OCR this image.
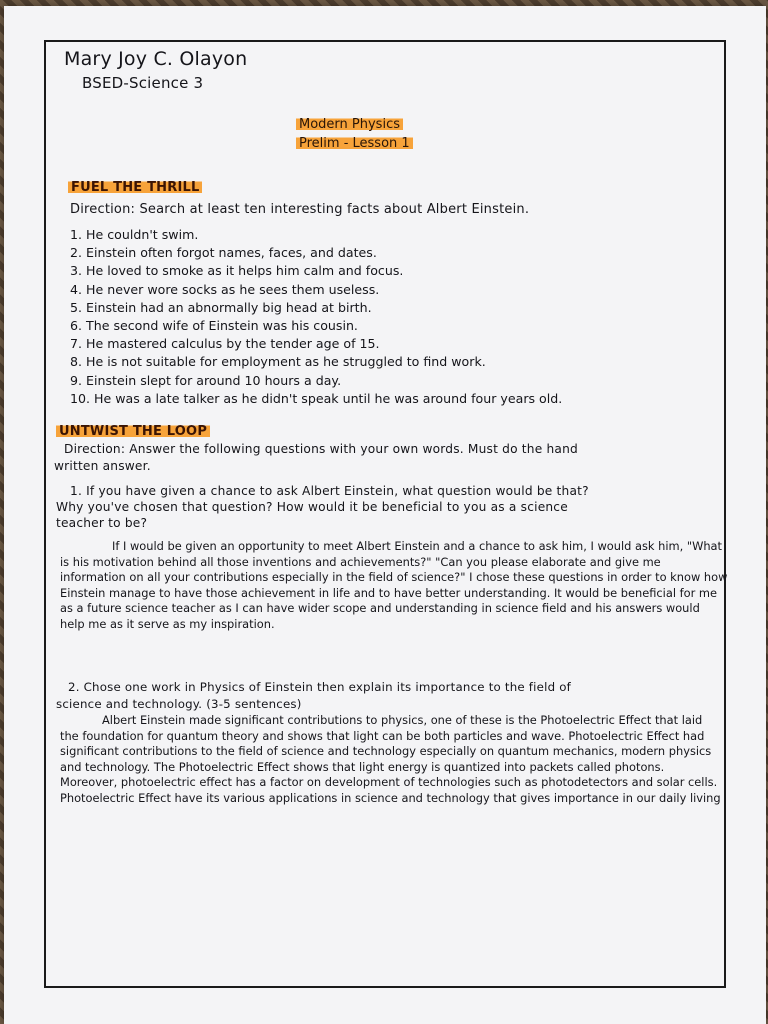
Mary Joy C. Olayon
BSED-Science 3
Modern Physics
Prelim - Lesson 1
FUEL THE THRILL
Direction: Search at least ten interesting facts about Albert Einstein.
1. He couldn't swim.
2. Einstein often forgot names, faces, and dates.
3. He loved to smoke as it helps him calm and focus.
4. He never wore socks as he sees them useless.
5. Einstein had an abnormally big head at birth.
6. The second wife of Einstein was his cousin.
7. He mastered calculus by the tender age of 15.
8. He is not suitable for employment as he struggled to find work.
9. Einstein slept for around 10 hours a day.
10. He was a late talker as he didn't speak until he was around four years old.
UNTWIST THE LOOP
Direction: Answer the following questions with your own words. Must do the hand
written answer.
1. If you have given a chance to ask Albert Einstein, what question would be that?
Why you've chosen that question? How would it be beneficial to you as a science
teacher to be?
If I would be given an opportunity to meet Albert Einstein and a chance to ask him, I would ask him, "What is his motivation behind all those inventions and achievements?" "Can you please elaborate and give me information on all your contributions especially in the field of science?" I chose these questions in order to know how Einstein manage to have those achievement in life and to have better understanding. It would be beneficial for me as a future science teacher as I can have wider scope and understanding in science field and his answers would help me as it serve as my inspiration.
2. Chose one work in Physics of Einstein then explain its importance to the field of
science and technology. (3-5 sentences)
Albert Einstein made significant contributions to physics, one of these is the Photoelectric Effect that laid the foundation for quantum theory and shows that light can be both particles and wave. Photoelectric Effect had significant contributions to the field of science and technology especially on quantum mechanics, modern physics and technology. The Photoelectric Effect shows that light energy is quantized into packets called photons. Moreover, photoelectric effect has a factor on development of technologies such as photodetectors and solar cells. Photoelectric Effect have its various applications in science and technology that gives importance in our daily living
